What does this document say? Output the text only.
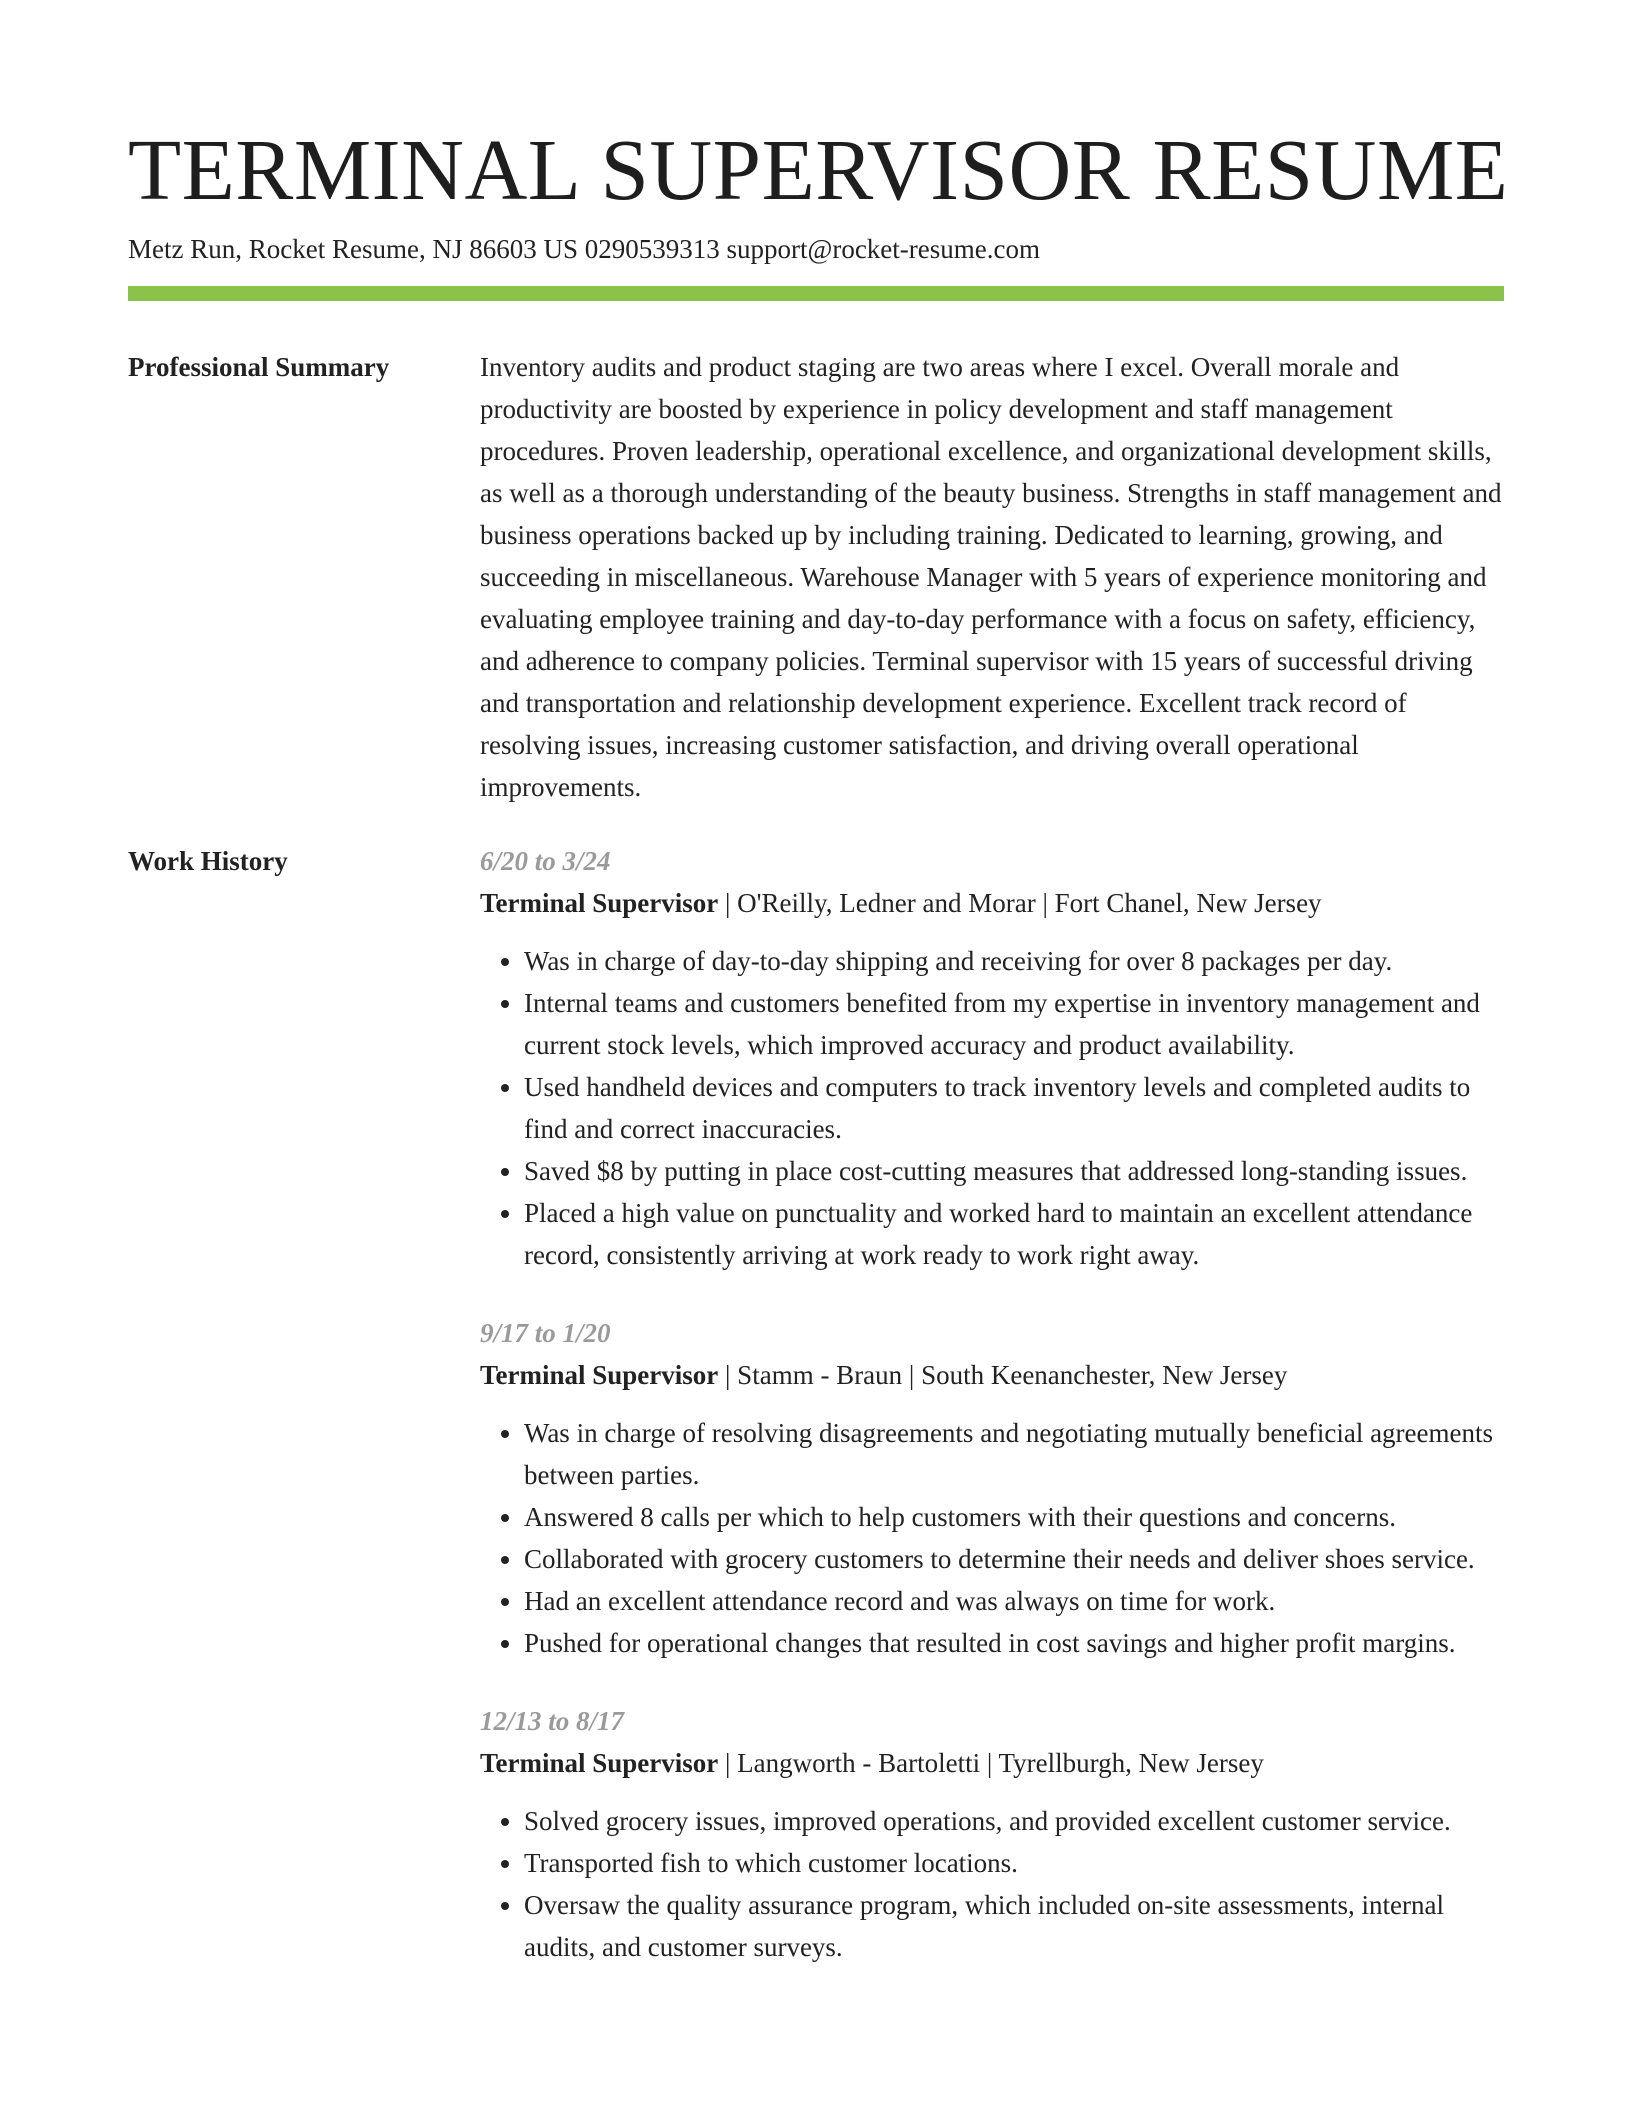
TERMINAL SUPERVISOR RESUME
Metz Run, Rocket Resume, NJ 86603 US 0290539313 support@rocket-resume.com
Professional Summary	Inventory audits and product staging are two areas where I excel. Overall morale and productivity are boosted by experience in policy development and staff management procedures. Proven leadership, operational excellence, and organizational development skills, as well as a thorough understanding of the beauty business. Strengths in staff management and business operations backed up by including training. Dedicated to learning, growing, and succeeding in miscellaneous. Warehouse Manager with 5 years of experience monitoring and evaluating employee training and day-to-day performance with a focus on safety, efficiency, and adherence to company policies. Terminal supervisor with 15 years of successful driving and transportation and relationship development experience. Excellent track record of resolving issues, increasing customer satisfaction, and driving overall operational improvements.

Work History	6/20 to 3/24
Terminal Supervisor | O'Reilly, Ledner and Morar | Fort Chanel, New Jersey
• Was in charge of day-to-day shipping and receiving for over 8 packages per day.
• Internal teams and customers benefited from my expertise in inventory management and current stock levels, which improved accuracy and product availability.
• Used handheld devices and computers to track inventory levels and completed audits to find and correct inaccuracies.
• Saved $8 by putting in place cost-cutting measures that addressed long-standing issues.
• Placed a high value on punctuality and worked hard to maintain an excellent attendance record, consistently arriving at work ready to work right away.
9/17 to 1/20
Terminal Supervisor | Stamm - Braun | South Keenanchester, New Jersey
• Was in charge of resolving disagreements and negotiating mutually beneficial agreements between parties.
• Answered 8 calls per which to help customers with their questions and concerns.
• Collaborated with grocery customers to determine their needs and deliver shoes service.
• Had an excellent attendance record and was always on time for work.
• Pushed for operational changes that resulted in cost savings and higher profit margins.
12/13 to 8/17
Terminal Supervisor | Langworth - Bartoletti | Tyrellburgh, New Jersey
• Solved grocery issues, improved operations, and provided excellent customer service.
• Transported fish to which customer locations.
• Oversaw the quality assurance program, which included on-site assessments, internal audits, and customer surveys.
